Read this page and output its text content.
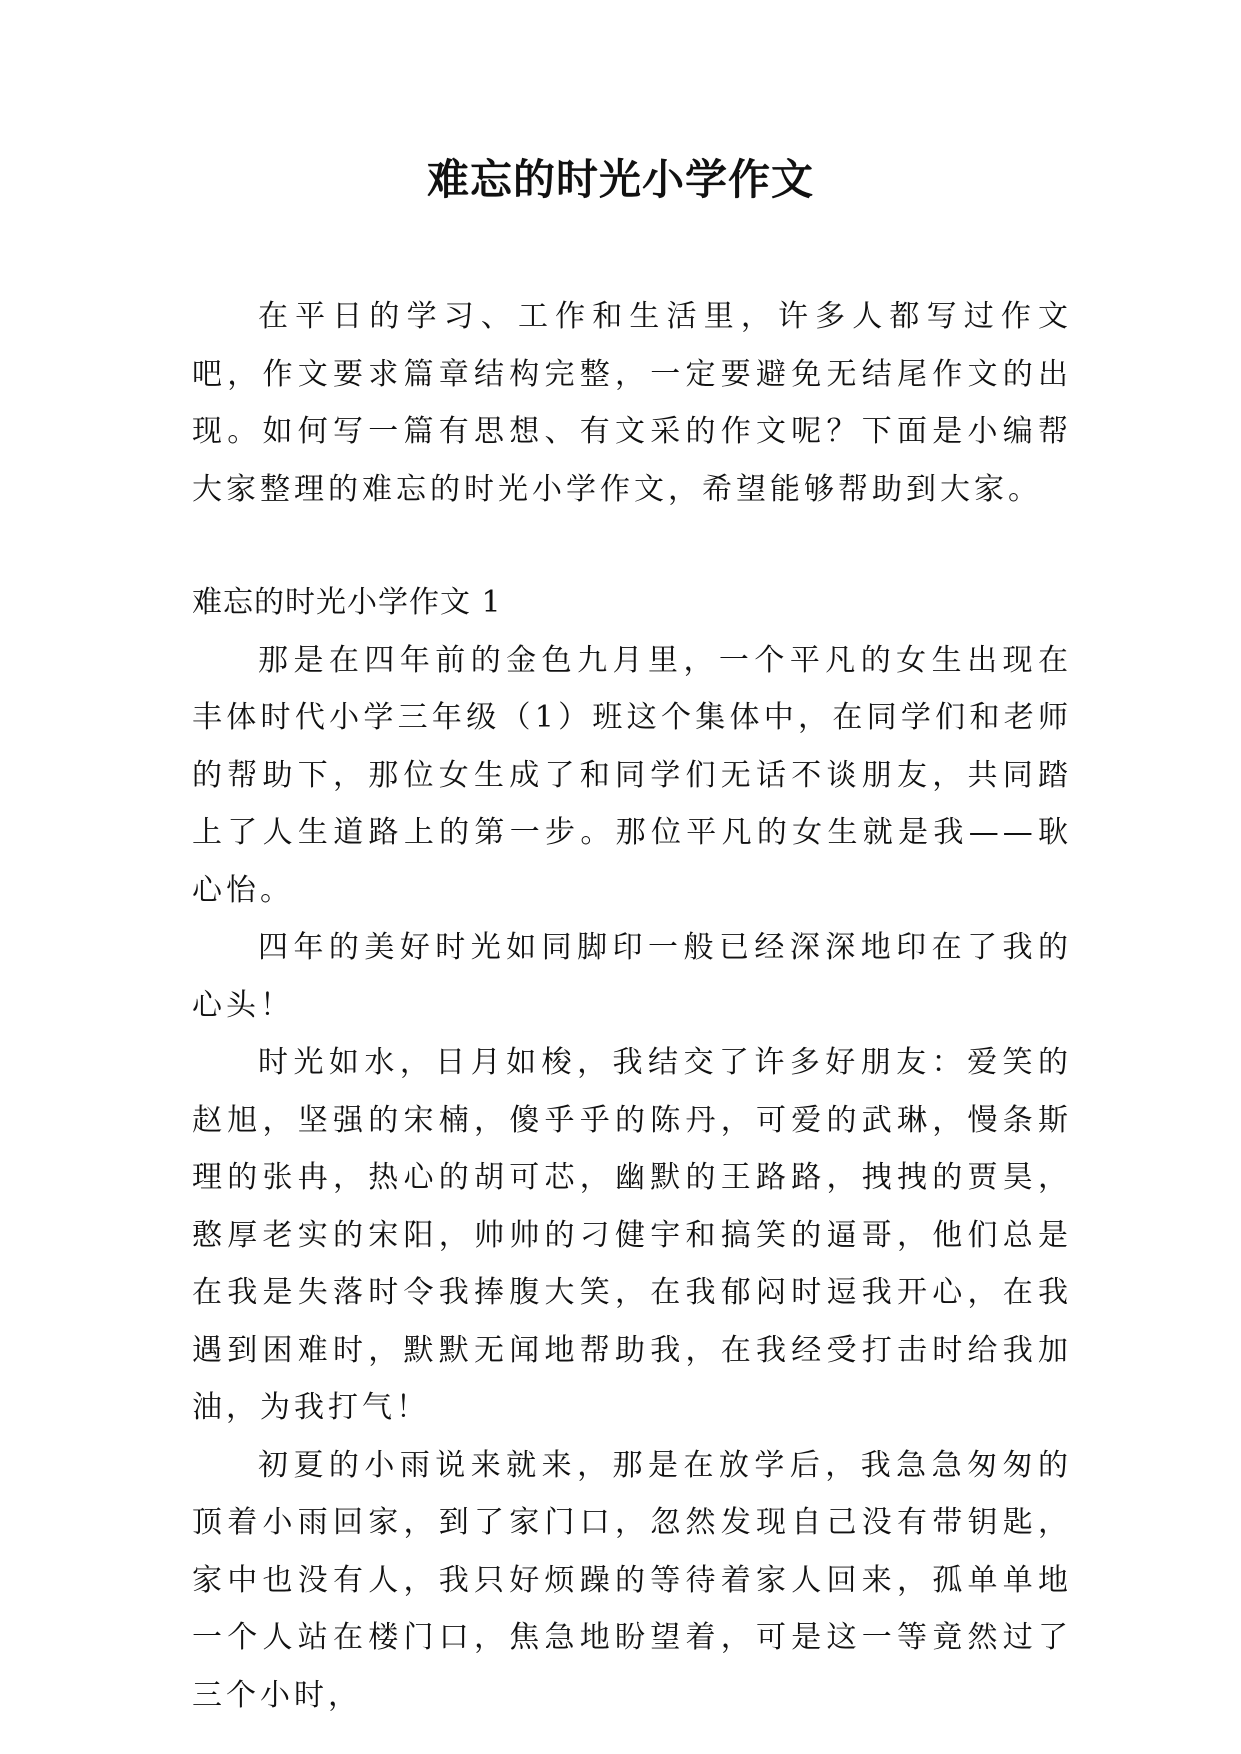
难忘的时光小学作文

在平日的学习、工作和生活里，许多人都写过作文吧，作文要求篇章结构完整，一定要避免无结尾作文的出现。如何写一篇有思想、有文采的作文呢？下面是小编帮大家整理的难忘的时光小学作文，希望能够帮助到大家。

难忘的时光小学作文 1

那是在四年前的金色九月里，一个平凡的女生出现在丰体时代小学三年级（1）班这个集体中，在同学们和老师的帮助下，那位女生成了和同学们无话不谈朋友，共同踏上了人生道路上的第一步。那位平凡的女生就是我——耿心怡。

四年的美好时光如同脚印一般已经深深地印在了我的心头！

时光如水，日月如梭，我结交了许多好朋友：爱笑的赵旭，坚强的宋楠，傻乎乎的陈丹，可爱的武琳，慢条斯理的张冉，热心的胡可芯，幽默的王路路，拽拽的贾昊，憨厚老实的宋阳，帅帅的刁健宇和搞笑的逼哥，他们总是在我是失落时令我捧腹大笑，在我郁闷时逗我开心，在我遇到困难时，默默无闻地帮助我，在我经受打击时给我加油，为我打气！

初夏的小雨说来就来，那是在放学后，我急急匆匆的顶着小雨回家，到了家门口，忽然发现自己没有带钥匙，家中也没有人，我只好烦躁的等待着家人回来，孤单单地一个人站在楼门口，焦急地盼望着，可是这一等竟然过了三个小时，
